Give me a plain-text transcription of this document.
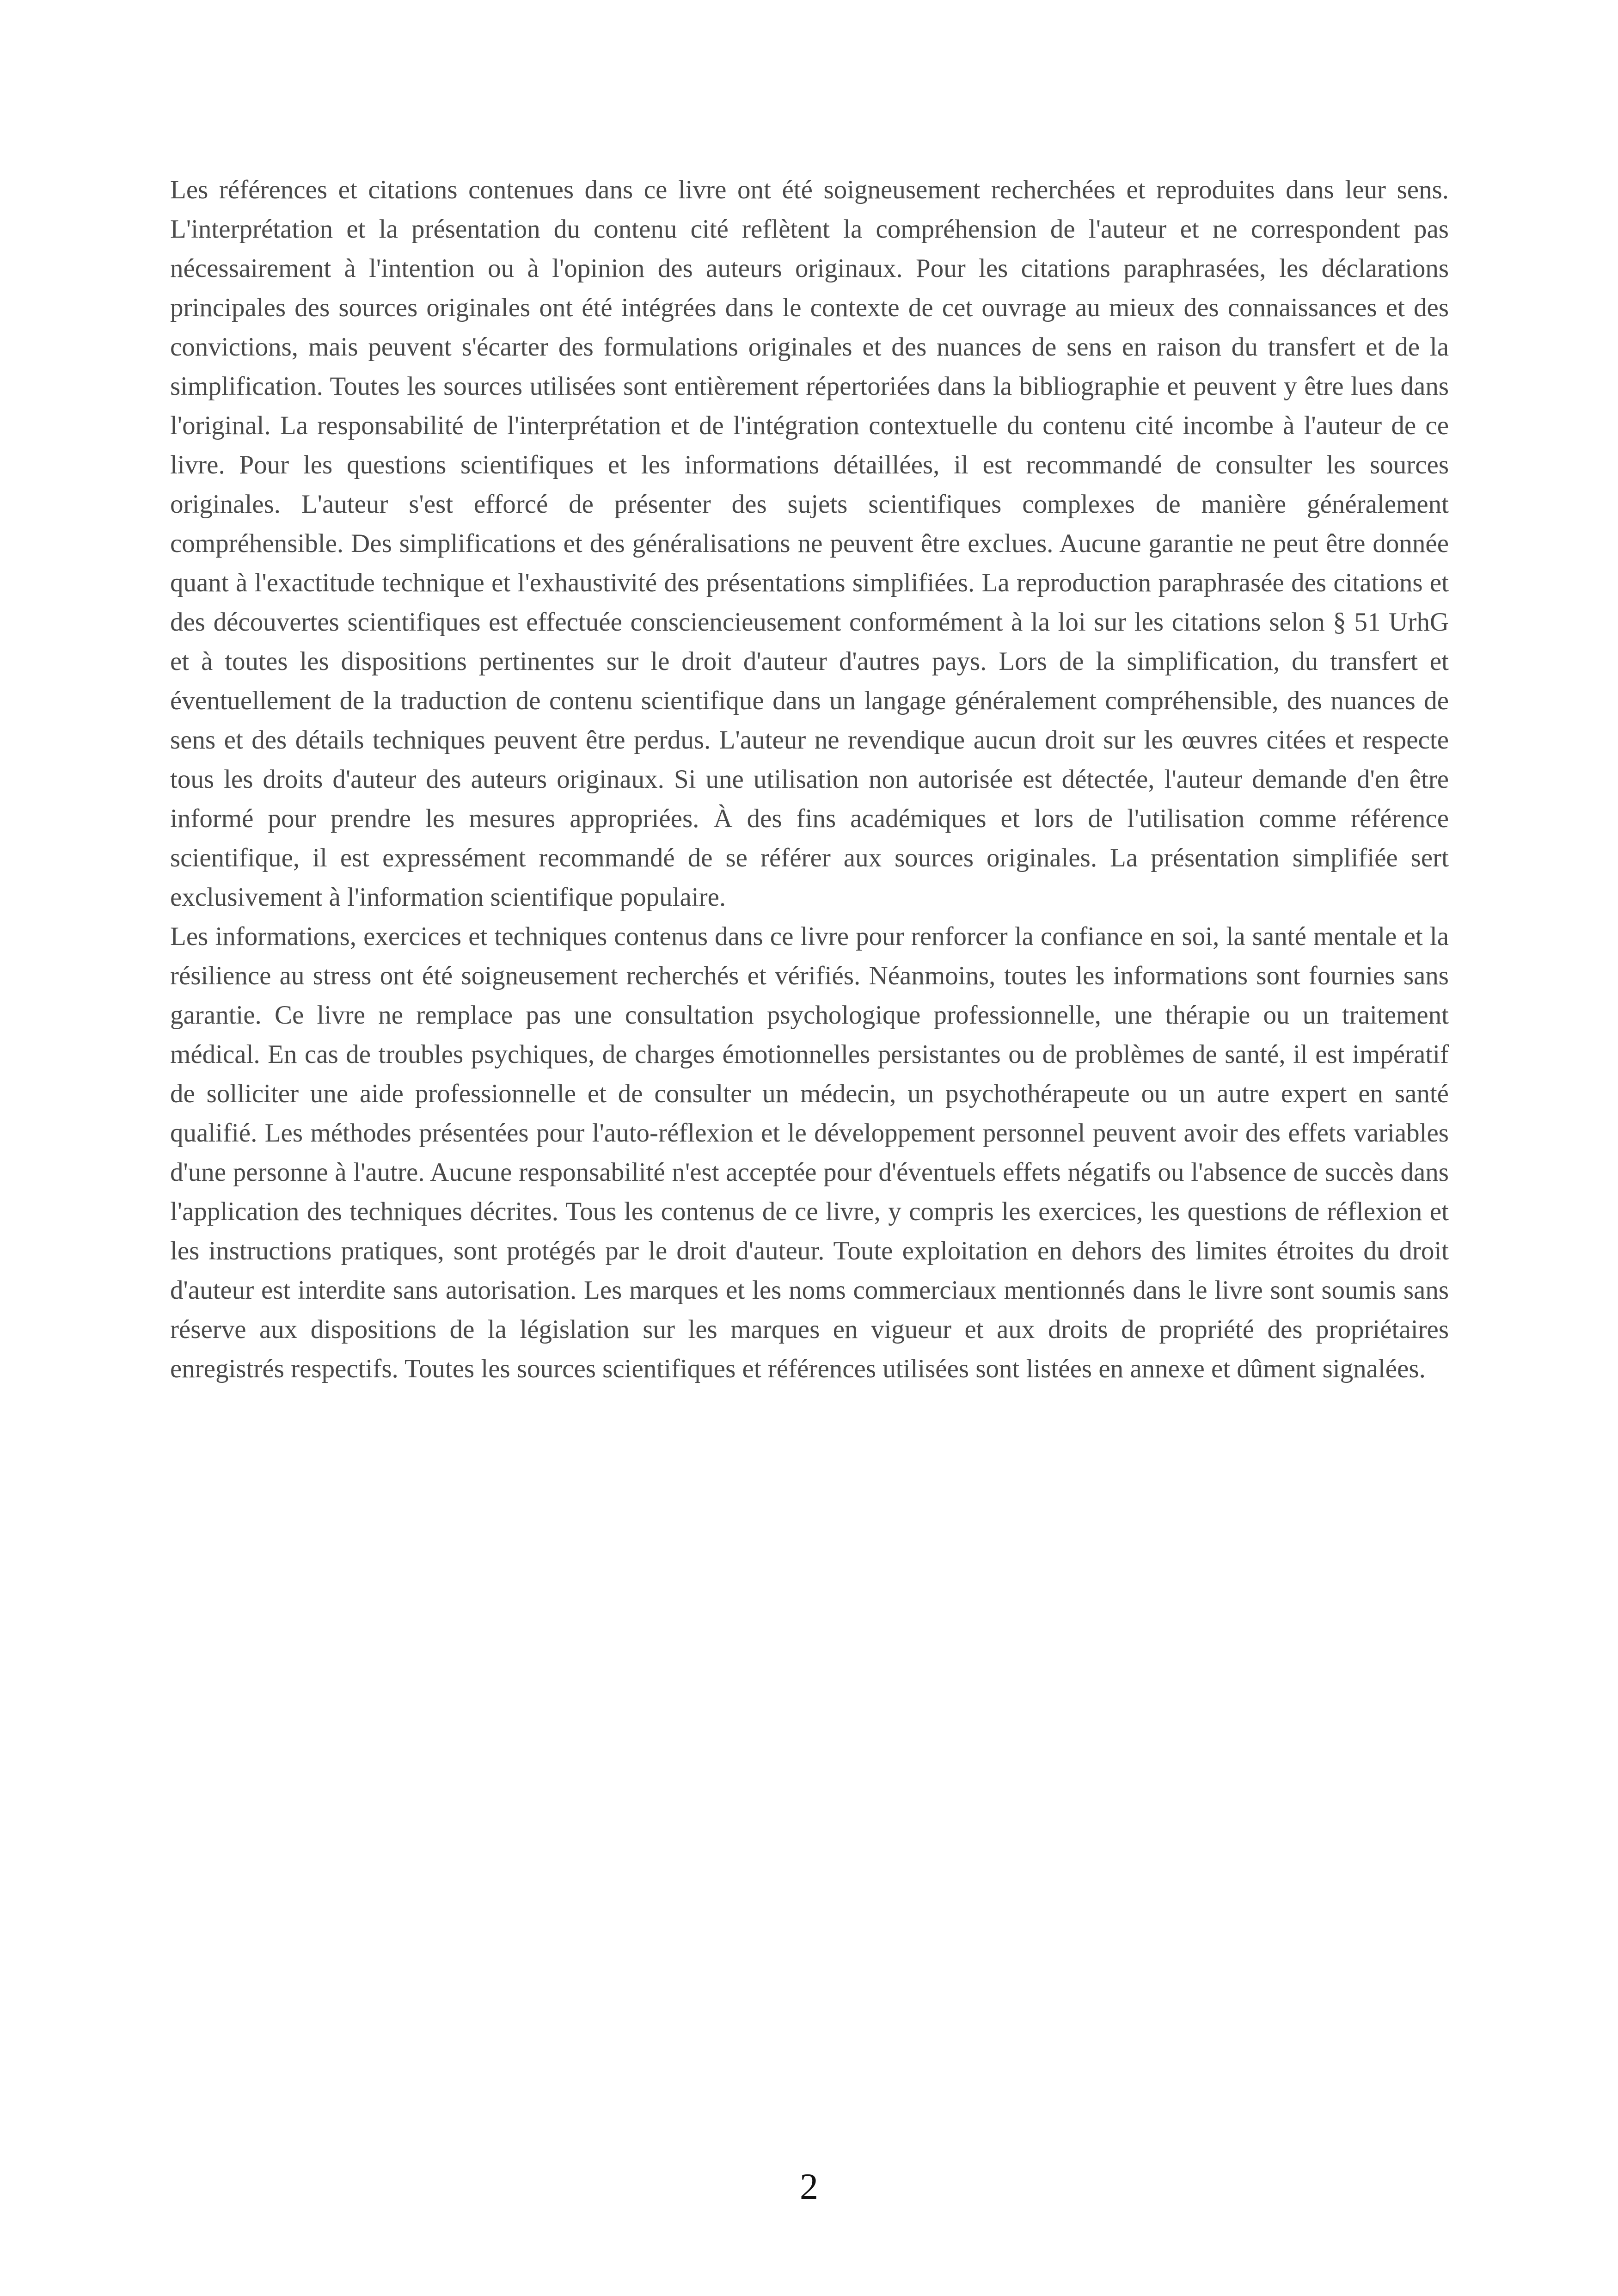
Les références et citations contenues dans ce livre ont été soigneusement recherchées et reproduites dans leur sens. L'interprétation et la présentation du contenu cité reflètent la compréhension de l'auteur et ne correspondent pas nécessairement à l'intention ou à l'opinion des auteurs originaux. Pour les citations paraphrasées, les déclarations principales des sources originales ont été intégrées dans le contexte de cet ouvrage au mieux des connaissances et des convictions, mais peuvent s'écarter des formulations originales et des nuances de sens en raison du transfert et de la simplification. Toutes les sources utilisées sont entièrement répertoriées dans la bibliographie et peuvent y être lues dans l'original. La responsabilité de l'interprétation et de l'intégration contextuelle du contenu cité incombe à l'auteur de ce livre. Pour les questions scientifiques et les informations détaillées, il est recommandé de consulter les sources originales. L'auteur s'est efforcé de présenter des sujets scientifiques complexes de manière généralement compréhensible. Des simplifications et des généralisations ne peuvent être exclues. Aucune garantie ne peut être donnée quant à l'exactitude technique et l'exhaustivité des présentations simplifiées. La reproduction paraphrasée des citations et des découvertes scientifiques est effectuée consciencieusement conformément à la loi sur les citations selon § 51 UrhG et à toutes les dispositions pertinentes sur le droit d'auteur d'autres pays. Lors de la simplification, du transfert et éventuellement de la traduction de contenu scientifique dans un langage généralement compréhensible, des nuances de sens et des détails techniques peuvent être perdus. L'auteur ne revendique aucun droit sur les œuvres citées et respecte tous les droits d'auteur des auteurs originaux. Si une utilisation non autorisée est détectée, l'auteur demande d'en être informé pour prendre les mesures appropriées. À des fins académiques et lors de l'utilisation comme référence scientifique, il est expressément recommandé de se référer aux sources originales. La présentation simplifiée sert exclusivement à l'information scientifique populaire.

Les informations, exercices et techniques contenus dans ce livre pour renforcer la confiance en soi, la santé mentale et la résilience au stress ont été soigneusement recherchés et vérifiés. Néanmoins, toutes les informations sont fournies sans garantie. Ce livre ne remplace pas une consultation psychologique professionnelle, une thérapie ou un traitement médical. En cas de troubles psychiques, de charges émotionnelles persistantes ou de problèmes de santé, il est impératif de solliciter une aide professionnelle et de consulter un médecin, un psychothérapeute ou un autre expert en santé qualifié. Les méthodes présentées pour l'auto-réflexion et le développement personnel peuvent avoir des effets variables d'une personne à l'autre. Aucune responsabilité n'est acceptée pour d'éventuels effets négatifs ou l'absence de succès dans l'application des techniques décrites. Tous les contenus de ce livre, y compris les exercices, les questions de réflexion et les instructions pratiques, sont protégés par le droit d'auteur. Toute exploitation en dehors des limites étroites du droit d'auteur est interdite sans autorisation. Les marques et les noms commerciaux mentionnés dans le livre sont soumis sans réserve aux dispositions de la législation sur les marques en vigueur et aux droits de propriété des propriétaires enregistrés respectifs. Toutes les sources scientifiques et références utilisées sont listées en annexe et dûment signalées.

2
